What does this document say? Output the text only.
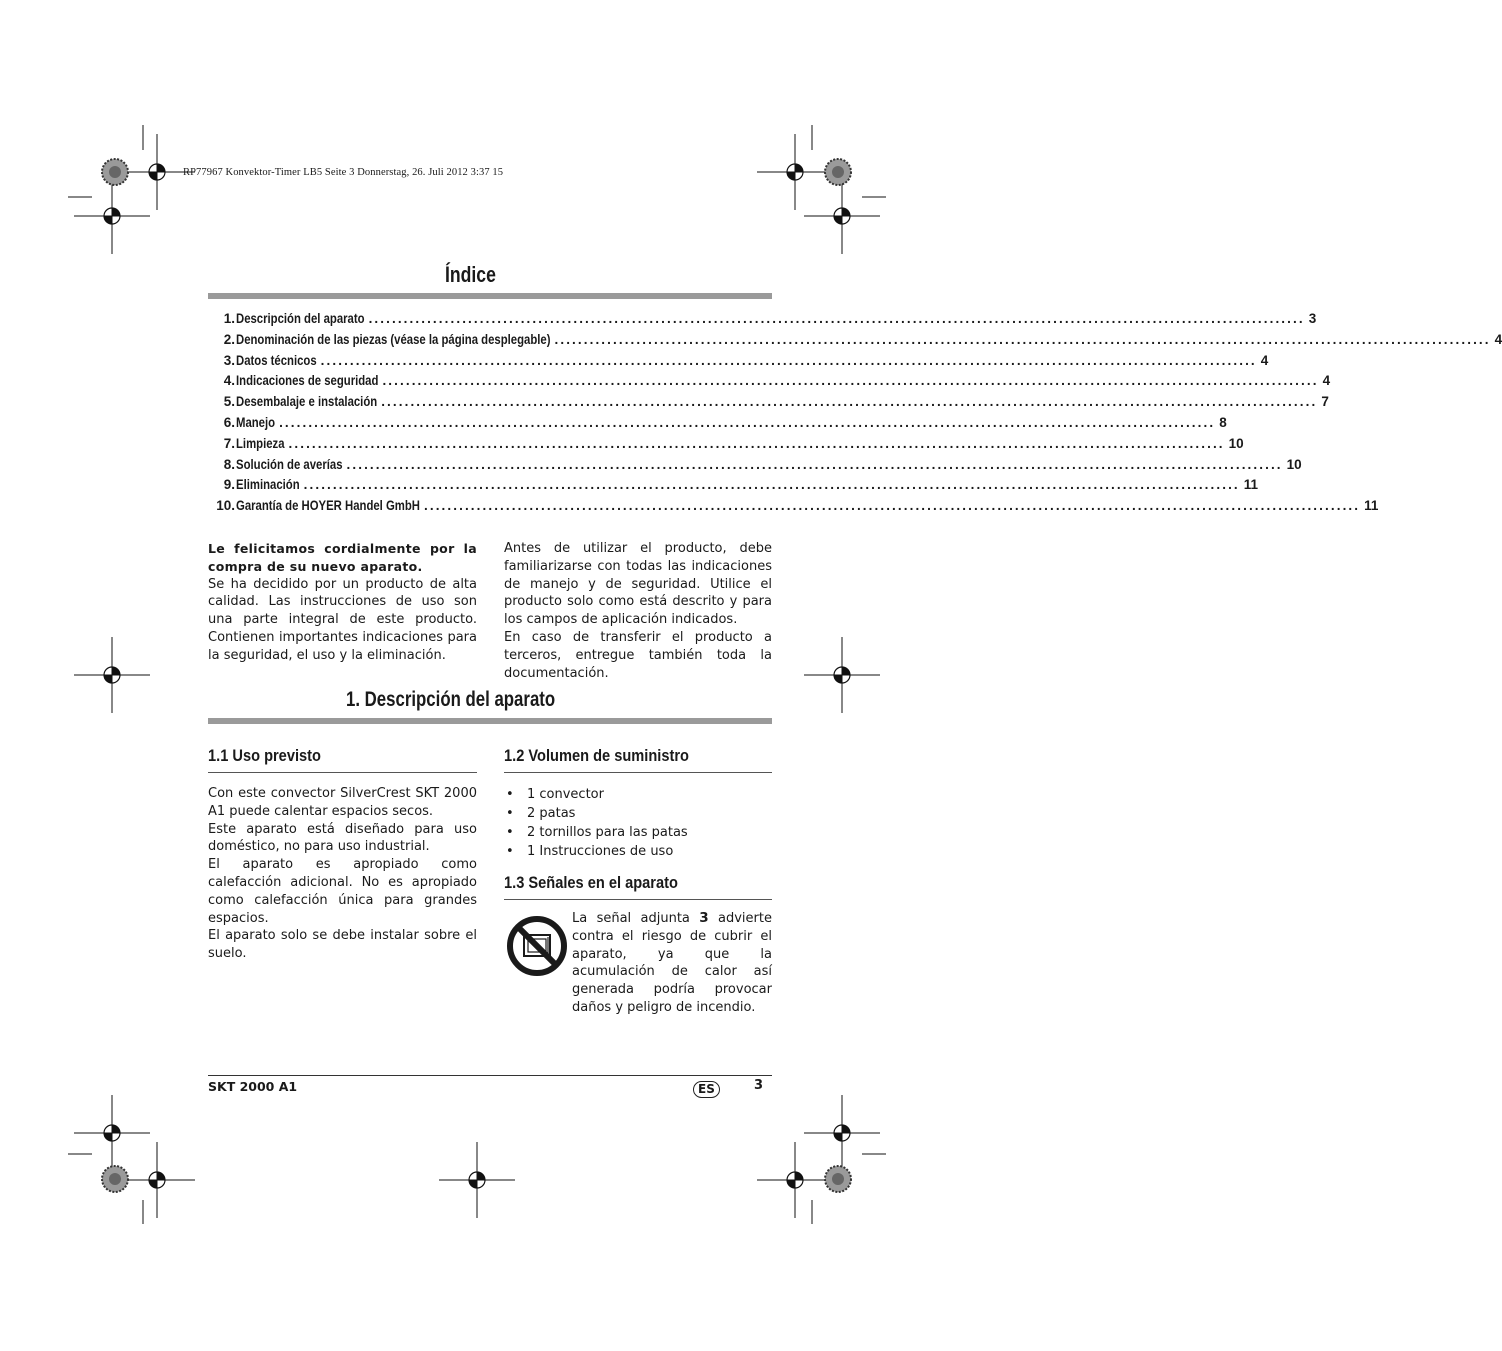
RP77967 Konvektor-Timer LB5 Seite 3 Donnerstag, 26. Juli 2012 3:37 15
Índice
1. Descripción del aparato ................................................................................................................................................................ 3
2. Denominación de las piezas (véase la página desplegable) ................................................................................................................................................................ 4
3. Datos técnicos ................................................................................................................................................................ 4
4. Indicaciones de seguridad ................................................................................................................................................................ 4
5. Desembalaje e instalación ................................................................................................................................................................ 7
6. Manejo ................................................................................................................................................................ 8
7. Limpieza ................................................................................................................................................................ 10
8. Solución de averías ................................................................................................................................................................ 10
9. Eliminación ................................................................................................................................................................ 11
10. Garantía de HOYER Handel GmbH ................................................................................................................................................................ 11

Le felicitamos cordialmente por la compra de su nuevo aparato.

Se ha decidido por un producto de alta calidad. Las instrucciones de uso son una parte integral de este producto. Contienen importantes indicaciones para la seguridad, el uso y la eliminación.

Antes de utilizar el producto, debe familiarizarse con todas las indicaciones de manejo y de seguridad. Utilice el producto solo como está descrito y para los campos de aplicación indicados.

En caso de transferir el producto a terceros, entregue también toda la documentación.

1. Descripción del aparato
1.1 Uso previsto

Con este convector SilverCrest SKT 2000 A1 puede calentar espacios secos.

Este aparato está diseñado para uso doméstico, no para uso industrial.

El aparato es apropiado como calefacción adicional. No es apropiado como calefacción única para grandes espacios.

El aparato solo se debe instalar sobre el suelo.

1.2 Volumen de suministro
• 1 convector
• 2 patas
• 2 tornillos para las patas
• 1 Instrucciones de uso
1.3 Señales en el aparato

La señal adjunta 3 advierte contra el riesgo de cubrir el aparato, ya que la acumulación de calor así generada podría provocar daños y peligro de incendio.

SKT 2000 A1	ES	3
